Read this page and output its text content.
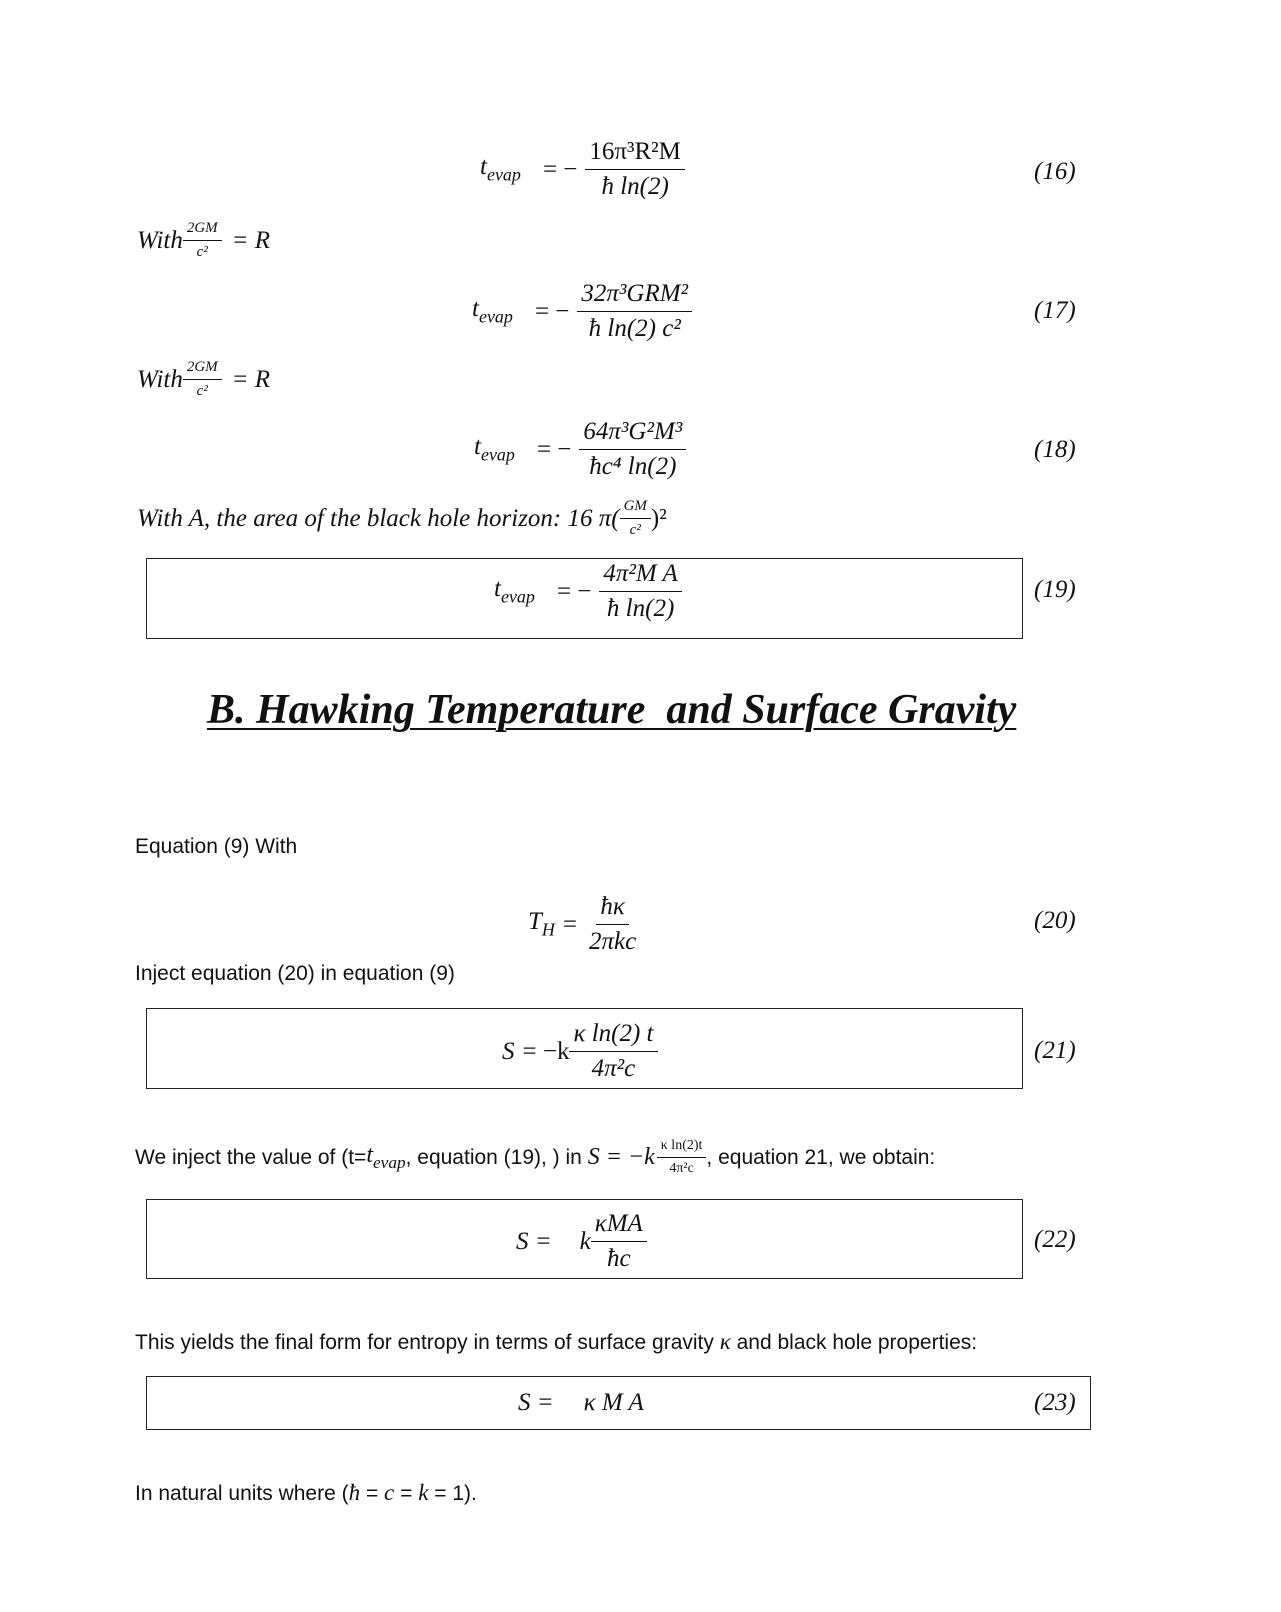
$t_{evap}$ = − $\frac{\text{16π³R²M}}{\text{ħ ln(2)}}$	(16)
With $\frac{2GM}{\text{c²}} = R$
$t_{evap}$ = − $\frac{\text{32π³GRM²}}{\text{ħ ln(2) c²}}$	(17)
With $\frac{2GM}{\text{c²}} = R$
$t_{evap}$ = − $\frac{\text{64π³G²M³}}{\text{ħc⁴ ln(2)}}$	(18)
With A, the area of the black hole horizon: 16 $\pi( \frac{GM}{\text{c²}} )^2$
$t_{evap}$ = − $\frac{\text{4π²M A}}{\text{ħ ln(2)}}$	(19)
B. Hawking Temperature  and Surface Gravity
Equation (9) With
$T_H = \frac{ħ\kappa}{\text{2πkc}}$	(20)
Inject equation (20) in equation (9)
$S = -k \frac{\text{κ ln(2) t}}{\text{4π²c}}$	(21)
We inject the value of ($t= t_{evap}$ , equation (19), ) in $S = -k \frac{\text{κ ln(2)t}}{\text{4π²c}}$ , equation 21, we obtain:
S = k $\frac{\text{κMA}}{ħc}$	(22)
This yields the final form for entropy in terms of surface gravity κ and black hole properties:
S = κ M A	(23)
In natural units where (ħ = c = k = 1).
